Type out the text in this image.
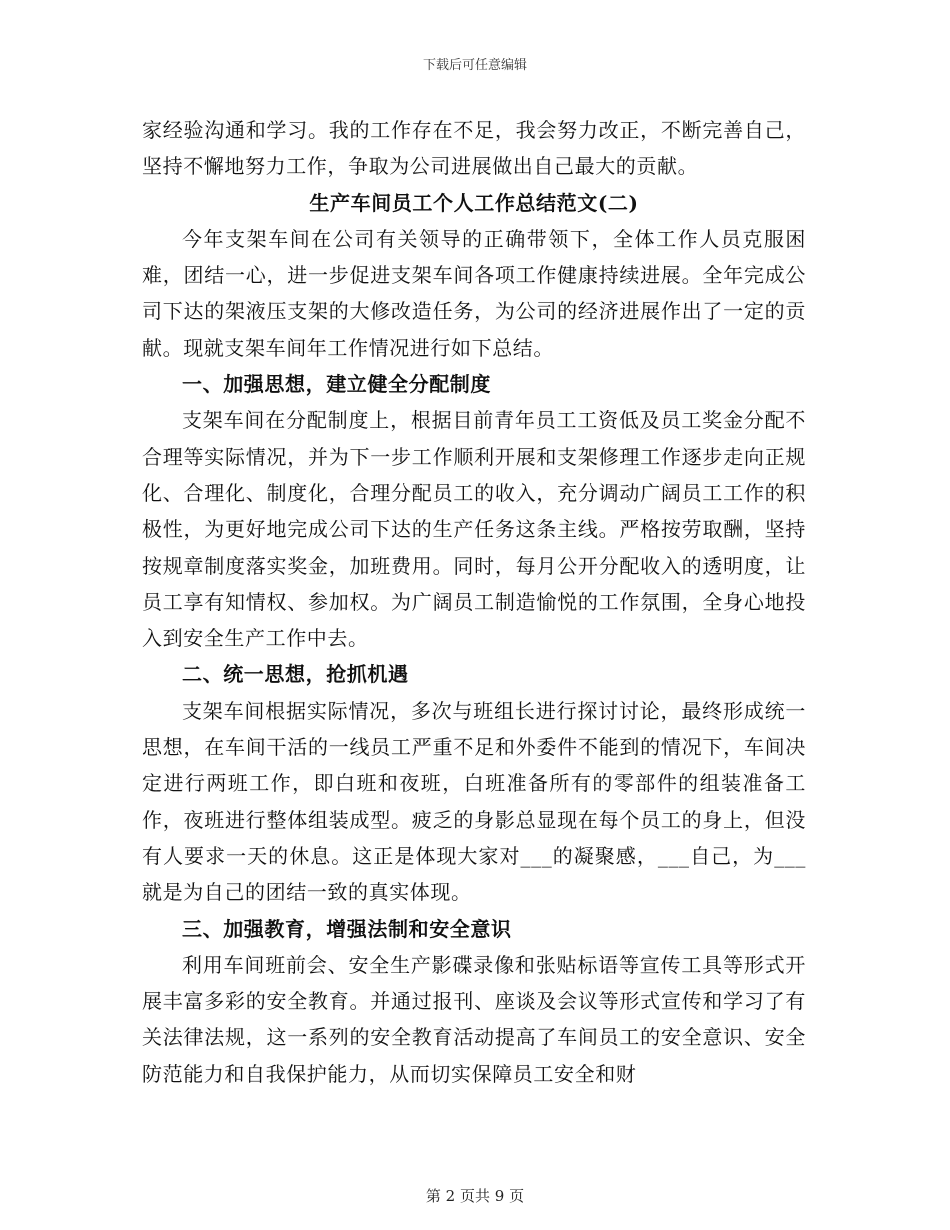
下载后可任意编辑

家经验沟通和学习。我的工作存在不足，我会努力改正，不断完善自己，坚持不懈地努力工作，争取为公司进展做出自己最大的贡献。

生产车间员工个人工作总结范文(二)

今年支架车间在公司有关领导的正确带领下，全体工作人员克服困难，团结一心，进一步促进支架车间各项工作健康持续进展。全年完成公司下达的架液压支架的大修改造任务，为公司的经济进展作出了一定的贡献。现就支架车间年工作情况进行如下总结。

一、加强思想，建立健全分配制度

支架车间在分配制度上，根据目前青年员工工资低及员工奖金分配不合理等实际情况，并为下一步工作顺利开展和支架修理工作逐步走向正规化、合理化、制度化，合理分配员工的收入，充分调动广阔员工工作的积极性，为更好地完成公司下达的生产任务这条主线。严格按劳取酬，坚持按规章制度落实奖金，加班费用。同时，每月公开分配收入的透明度，让员工享有知情权、参加权。为广阔员工制造愉悦的工作氛围，全身心地投入到安全生产工作中去。

二、统一思想，抢抓机遇

支架车间根据实际情况，多次与班组长进行探讨讨论，最终形成统一思想，在车间干活的一线员工严重不足和外委件不能到的情况下，车间决定进行两班工作，即白班和夜班，白班准备所有的零部件的组装准备工作，夜班进行整体组装成型。疲乏的身影总显现在每个员工的身上，但没有人要求一天的休息。这正是体现大家对___的凝聚感，___自己，为___就是为自己的团结一致的真实体现。

三、加强教育，增强法制和安全意识

利用车间班前会、安全生产影碟录像和张贴标语等宣传工具等形式开展丰富多彩的安全教育。并通过报刊、座谈及会议等形式宣传和学习了有关法律法规，这一系列的安全教育活动提高了车间员工的安全意识、安全防范能力和自我保护能力，从而切实保障员工安全和财

第 2 页共 9 页
